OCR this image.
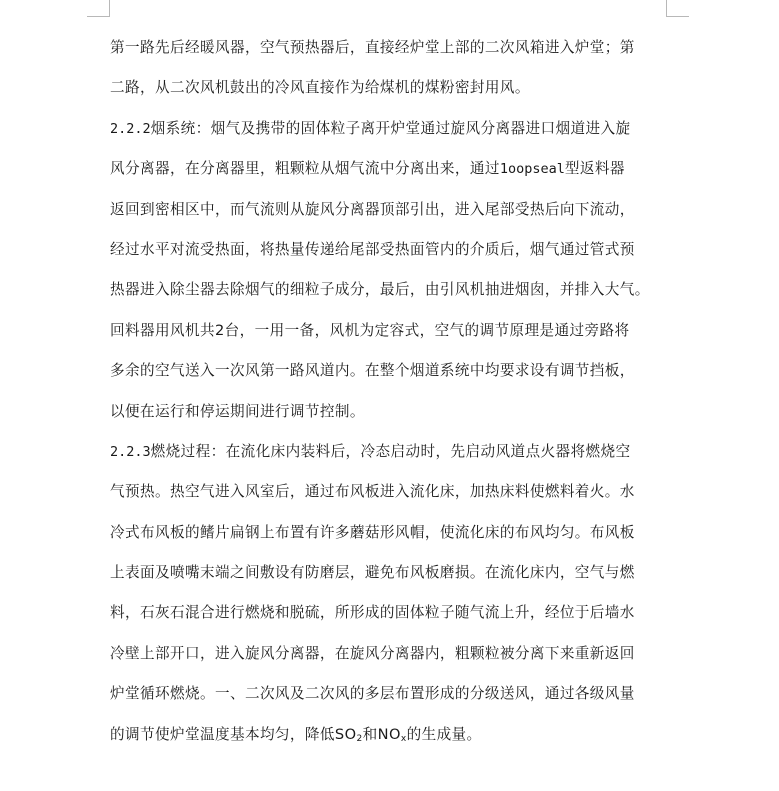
第一路先后经暖风器，空气预热器后，直接经炉堂上部的二次风箱进入炉堂；第
二路，从二次风机鼓出的冷风直接作为给煤机的煤粉密封用风。
2.2.2烟系统：烟气及携带的固体粒子离开炉堂通过旋风分离器进口烟道进入旋
风分离器，在分离器里，粗颗粒从烟气流中分离出来，通过1oopseal型返料器
返回到密相区中，而气流则从旋风分离器顶部引出，进入尾部受热后向下流动，
经过水平对流受热面，将热量传递给尾部受热面管内的介质后，烟气通过管式预
热器进入除尘器去除烟气的细粒子成分，最后，由引风机抽进烟囱，并排入大气。
回料器用风机共2台，一用一备，风机为定容式，空气的调节原理是通过旁路将
多余的空气送入一次风第一路风道内。在整个烟道系统中均要求设有调节挡板，
以便在运行和停运期间进行调节控制。
2.2.3燃烧过程：在流化床内装料后，冷态启动时，先启动风道点火器将燃烧空
气预热。热空气进入风室后，通过布风板进入流化床，加热床料使燃料着火。水
冷式布风板的鳍片扁钢上布置有许多蘑菇形风帽，使流化床的布风均匀。布风板
上表面及喷嘴末端之间敷设有防磨层，避免布风板磨损。在流化床内，空气与燃
料，石灰石混合进行燃烧和脱硫，所形成的固体粒子随气流上升，经位于后墙水
冷壁上部开口，进入旋风分离器，在旋风分离器内，粗颗粒被分离下来重新返回
炉堂循环燃烧。一、二次风及二次风的多层布置形成的分级送风，通过各级风量
的调节使炉堂温度基本均匀，降低$SO_2$和$NO_x$的生成量。
